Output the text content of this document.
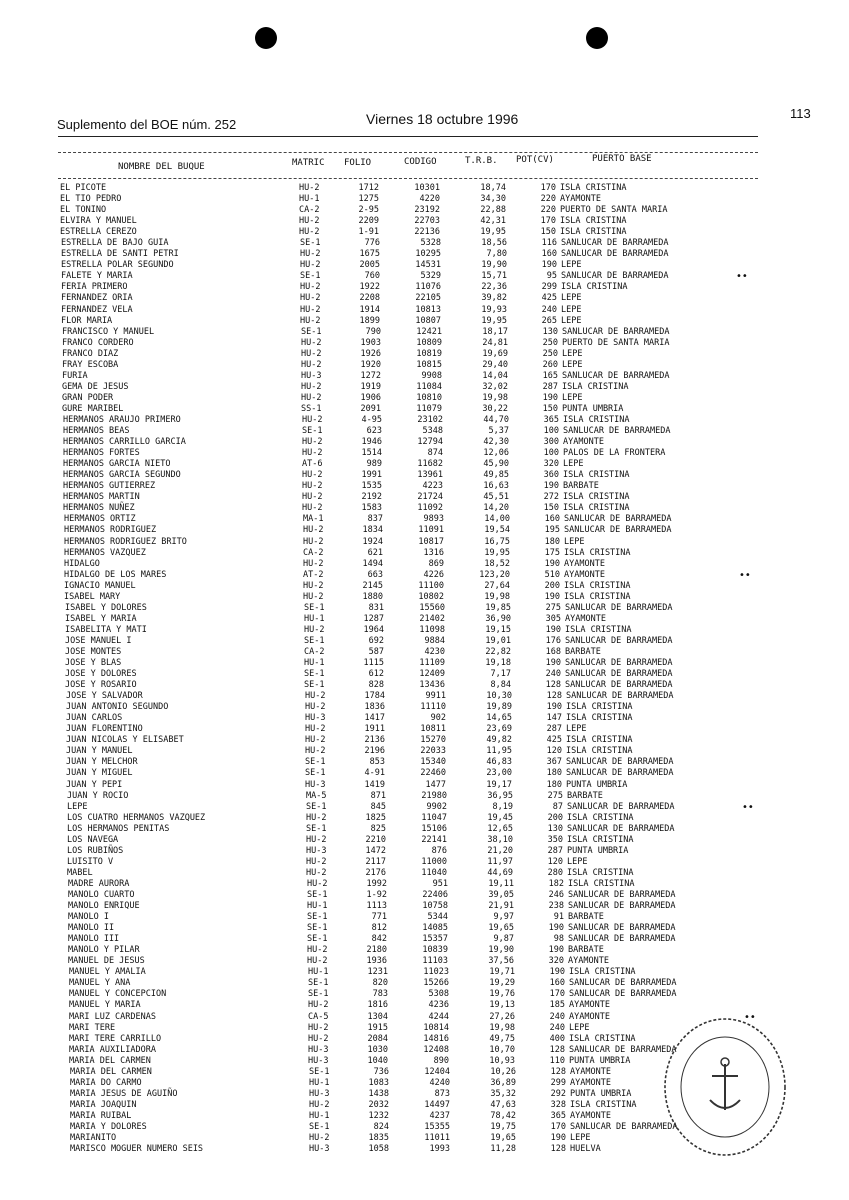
Suplemento del BOE núm. 252	Viernes 18 octubre 1996	113
NOMBRE DEL BUQUE	MATRIC FOLIO	CODIGO	T.R.B. POT(CV)	PUERTO BASE
EL PICOTE	HU-2	1712	10301	18,74	170 ISLA CRISTINA
EL TIO PEDRO	HU-1	1275	4220	34,30	220 AYAMONTE
EL TONINO	CA-2	2-95	23192	22,88	220 PUERTO DE SANTA MARIA
ELVIRA Y MANUEL	HU-2	2209	22703	42,31	170 ISLA CRISTINA
ESTRELLA CEREZO	HU-2	1-91	22136	19,95	150 ISLA CRISTINA
ESTRELLA DE BAJO GUIA	SE-1	776	5328	18,56	116 SANLUCAR DE BARRAMEDA
ESTRELLA DE SANTI PETRI	HU-2	1675	10295	7,80	160 SANLUCAR DE BARRAMEDA
ESTRELLA POLAR SEGUNDO	HU-2	2005	14531	19,90	190 LEPE
FALETE Y MARIA	SE-1	760	5329	15,71	95 SANLUCAR DE BARRAMEDA	••
FERIA PRIMERO	HU-2	1922	11076	22,36	299 ISLA CRISTINA
FERNANDEZ ORIA	HU-2	2208	22105	39,82	425 LEPE
FERNANDEZ VELA	HU-2	1914	10813	19,93	240 LEPE
FLOR MARIA	HU-2	1899	10807	19,95	265 LEPE
FRANCISCO Y MANUEL	SE-1	790	12421	18,17	130 SANLUCAR DE BARRAMEDA
FRANCO CORDERO	HU-2	1903	10809	24,81	250 PUERTO DE SANTA MARIA
FRANCO DIAZ	HU-2	1926	10819	19,69	250 LEPE
FRAY ESCOBA	HU-2	1920	10815	29,40	260 LEPE
FURIA	HU-3	1272	9908	14,04	165 SANLUCAR DE BARRAMEDA
GEMA DE JESUS	HU-2	1919	11084	32,02	287 ISLA CRISTINA
GRAN PODER	HU-2	1906	10810	19,98	190 LEPE
GURE MARIBEL	SS-1	2091	11079	30,22	150 PUNTA UMBRIA
HERMANOS ARAUJO PRIMERO	HU-2	4-95	23102	44,70	365 ISLA CRISTINA
HERMANOS BEAS	SE-1	623	5348	5,37	100 SANLUCAR DE BARRAMEDA
HERMANOS CARRILLO GARCIA	HU-2	1946	12794	42,30	300 AYAMONTE
HERMANOS FORTES	HU-2	1514	874	12,06	100 PALOS DE LA FRONTERA
HERMANOS GARCIA NIETO	AT-6	989	11682	45,90	320 LEPE
HERMANOS GARCIA SEGUNDO	HU-2	1991	13961	49,85	360 ISLA CRISTINA
HERMANOS GUTIERREZ	HU-2	1535	4223	16,63	190 BARBATE
HERMANOS MARTIN	HU-2	2192	21724	45,51	272 ISLA CRISTINA
HERMANOS NUÑEZ	HU-2	1583	11092	14,20	150 ISLA CRISTINA
HERMANOS ORTIZ	MA-1	837	9893	14,00	160 SANLUCAR DE BARRAMEDA
HERMANOS RODRIGUEZ	HU-2	1834	11091	19,54	195 SANLUCAR DE BARRAMEDA
HERMANOS RODRIGUEZ BRITO	HU-2	1924	10817	16,75	180 LEPE
HERMANOS VAZQUEZ	CA-2	621	1316	19,95	175 ISLA CRISTINA
HIDALGO	HU-2	1494	869	18,52	190 AYAMONTE
HIDALGO DE LOS MARES	AT-2	663	4226	123,20	510 AYAMONTE	••
IGNACIO MANUEL	HU-2	2145	11100	27,64	200 ISLA CRISTINA
ISABEL MARY	HU-2	1880	10802	19,98	190 ISLA CRISTINA
ISABEL Y DOLORES	SE-1	831	15560	19,85	275 SANLUCAR DE BARRAMEDA
ISABEL Y MARIA	HU-1	1287	21402	36,90	305 AYAMONTE
ISABELITA Y MATI	HU-2	1964	11098	19,15	190 ISLA CRISTINA
JOSE MANUEL I	SE-1	692	9884	19,01	176 SANLUCAR DE BARRAMEDA
JOSE MONTES	CA-2	587	4230	22,82	168 BARBATE
JOSE Y BLAS	HU-1	1115	11109	19,18	190 SANLUCAR DE BARRAMEDA
JOSE Y DOLORES	SE-1	612	12409	7,17	240 SANLUCAR DE BARRAMEDA
JOSE Y ROSARIO	SE-1	828	13436	8,84	128 SANLUCAR DE BARRAMEDA
JOSE Y SALVADOR	HU-2	1784	9911	10,30	128 SANLUCAR DE BARRAMEDA
JUAN ANTONIO SEGUNDO	HU-2	1836	11110	19,89	190 ISLA CRISTINA
JUAN CARLOS	HU-3	1417	902	14,65	147 ISLA CRISTINA
JUAN FLORENTINO	HU-2	1911	10811	23,69	287 LEPE
JUAN NICOLAS Y ELISABET	HU-2	2136	15270	49,82	425 ISLA CRISTINA
JUAN Y MANUEL	HU-2	2196	22033	11,95	120 ISLA CRISTINA
JUAN Y MELCHOR	SE-1	853	15340	46,83	367 SANLUCAR DE BARRAMEDA
JUAN Y MIGUEL	SE-1	4-91	22460	23,00	180 SANLUCAR DE BARRAMEDA
JUAN Y PEPI	HU-3	1419	1477	19,17	180 PUNTA UMBRIA
JUAN Y ROCIO	MA-5	871	21980	36,95	275 BARBATE
LEPE	SE-1	845	9902	8,19	87 SANLUCAR DE BARRAMEDA	••
LOS CUATRO HERMANOS VAZQUEZ	HU-2	1825	11047	19,45	200 ISLA CRISTINA
LOS HERMANOS PENITAS	SE-1	825	15106	12,65	130 SANLUCAR DE BARRAMEDA
LOS NAVEGA	HU-2	2210	22141	38,10	350 ISLA CRISTINA
LOS RUBIÑOS	HU-3	1472	876	21,20	287 PUNTA UMBRIA
LUISITO V	HU-2	2117	11000	11,97	120 LEPE
MABEL	HU-2	2176	11040	44,69	280 ISLA CRISTINA
MADRE AURORA	HU-2	1992	951	19,11	182 ISLA CRISTINA
MANOLO CUARTO	SE-1	1-92	22406	39,05	246 SANLUCAR DE BARRAMEDA
MANOLO ENRIQUE	HU-1	1113	10758	21,91	238 SANLUCAR DE BARRAMEDA
MANOLO I	SE-1	771	5344	9,97	91 BARBATE
MANOLO II	SE-1	812	14085	19,65	190 SANLUCAR DE BARRAMEDA
MANOLO III	SE-1	842	15357	9,87	98 SANLUCAR DE BARRAMEDA
MANOLO Y PILAR	HU-2	2180	10839	19,90	190 BARBATE
MANUEL DE JESUS	HU-2	1936	11103	37,56	320 AYAMONTE
MANUEL Y AMALIA	HU-1	1231	11023	19,71	190 ISLA CRISTINA
MANUEL Y ANA	SE-1	820	15266	19,29	160 SANLUCAR DE BARRAMEDA
MANUEL Y CONCEPCION	SE-1	783	5308	19,76	170 SANLUCAR DE BARRAMEDA
MANUEL Y MARIA	HU-2	1816	4236	19,13	185 AYAMONTE
MARI LUZ CARDENAS	CA-5	1304	4244	27,26	240 AYAMONTE	••
MARI TERE	HU-2	1915	10814	19,98	240 LEPE
MARI TERE CARRILLO	HU-2	2084	14816	49,75	400 ISLA CRISTINA
MARIA AUXILIADORA	HU-3	1030	12408	10,70	128 SANLUCAR DE BARRAMEDA
MARIA DEL CARMEN	HU-3	1040	890	10,93	110 PUNTA UMBRIA
MARIA DEL CARMEN	SE-1	736	12404	10,26	128 AYAMONTE
MARIA DO CARMO	HU-1	1083	4240	36,89	299 AYAMONTE
MARIA JESUS DE AGUIÑO	HU-3	1438	873	35,32	292 PUNTA UMBRIA
MARIA JOAQUIN	HU-2	2032	14497	47,63	328 ISLA CRISTINA
MARIA RUIBAL	HU-1	1232	4237	78,42	365 AYAMONTE
MARIA Y DOLORES	SE-1	824	15355	19,75	170 SANLUCAR DE BARRAMEDA
MARIANITO	HU-2	1835	11011	19,65	190 LEPE
MARISCO MOGUER NUMERO SEIS	HU-3	1058	1993	11,28	128 HUELVA
